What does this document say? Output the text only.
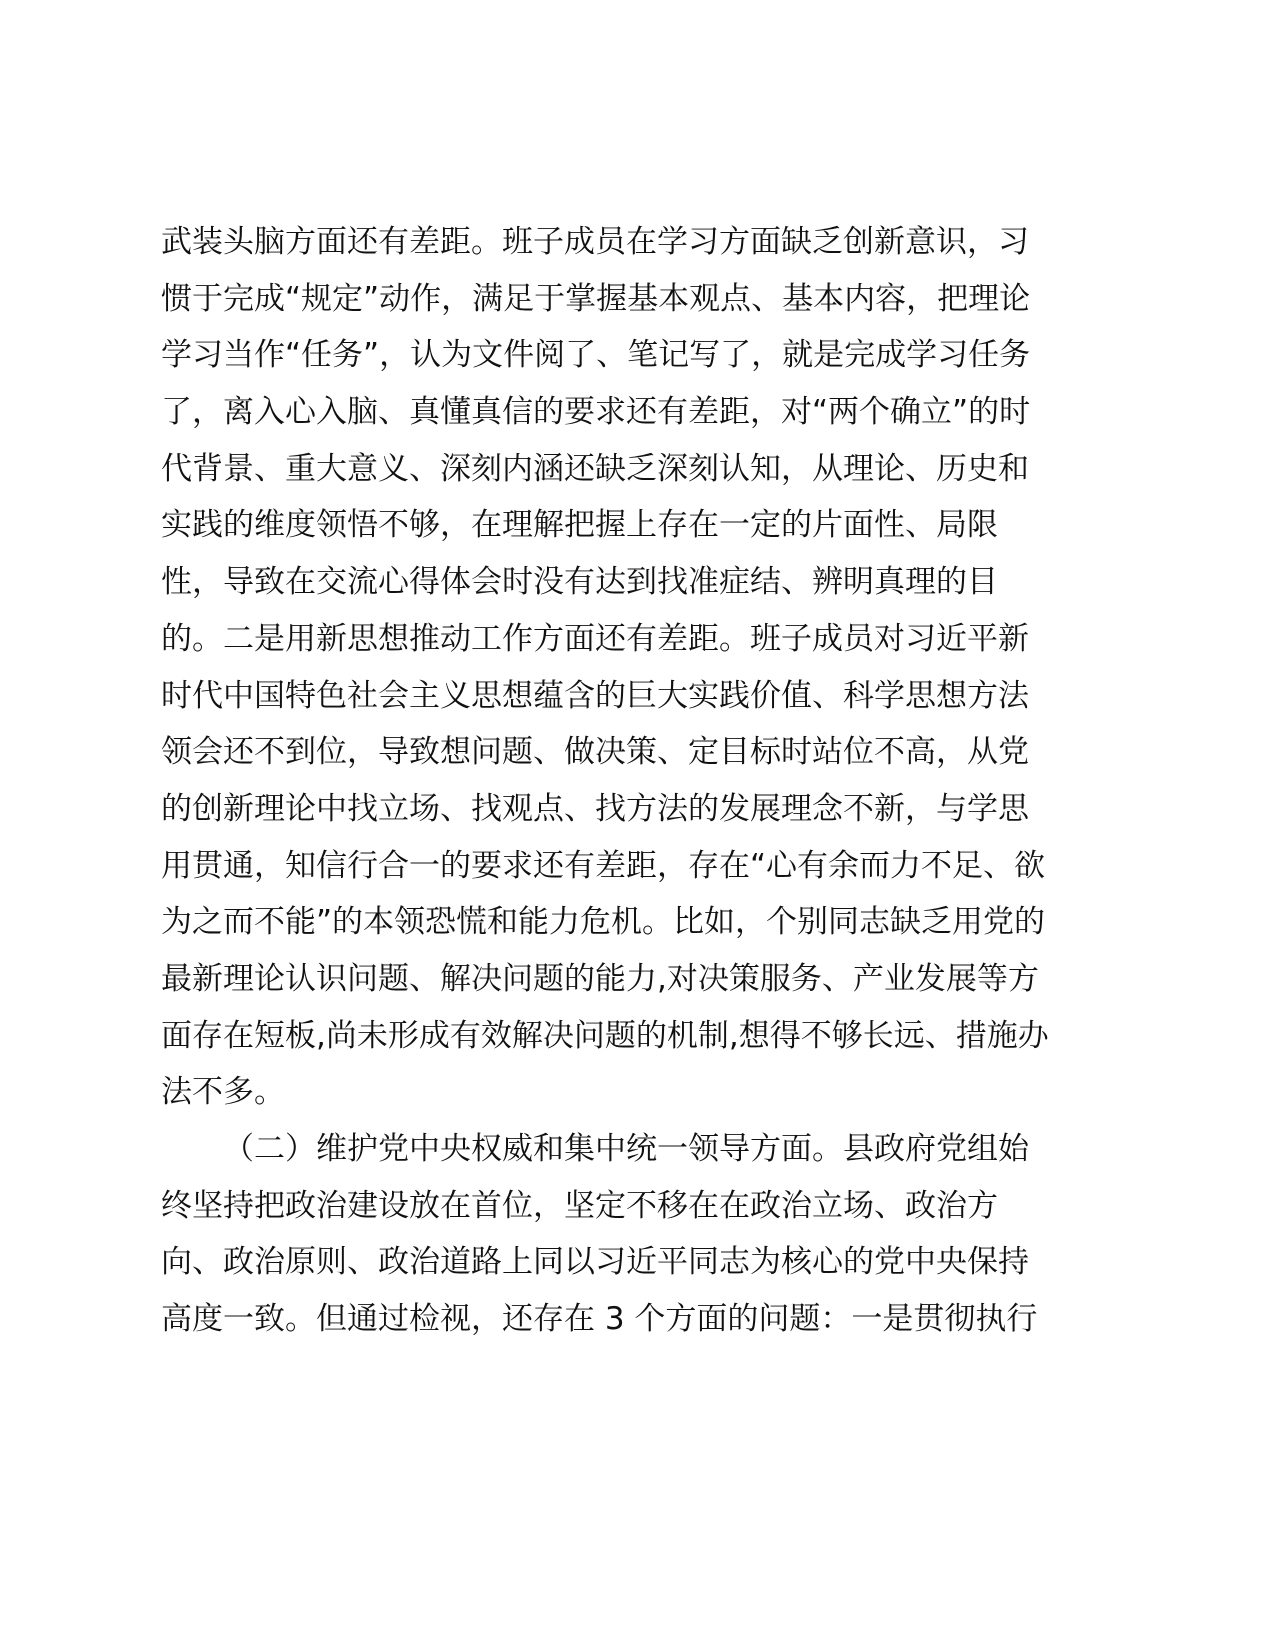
武装头脑方面还有差距。班子成员在学习方面缺乏创新意识，习
惯于完成“规定”动作，满足于掌握基本观点、基本内容，把理论
学习当作“任务”，认为文件阅了、笔记写了，就是完成学习任务
了，离入心入脑、真懂真信的要求还有差距，对“两个确立”的时
代背景、重大意义、深刻内涵还缺乏深刻认知，从理论、历史和
实践的维度领悟不够，在理解把握上存在一定的片面性、局限
性，导致在交流心得体会时没有达到找准症结、辨明真理的目
的。二是用新思想推动工作方面还有差距。班子成员对习近平新
时代中国特色社会主义思想蕴含的巨大实践价值、科学思想方法
领会还不到位，导致想问题、做决策、定目标时站位不高，从党
的创新理论中找立场、找观点、找方法的发展理念不新，与学思
用贯通，知信行合一的要求还有差距，存在“心有余而力不足、欲
为之而不能”的本领恐慌和能力危机。比如，个别同志缺乏用党的
最新理论认识问题、解决问题的能力,对决策服务、产业发展等方
面存在短板,尚未形成有效解决问题的机制,想得不够长远、措施办
法不多。
（二）维护党中央权威和集中统一领导方面。县政府党组始
终坚持把政治建设放在首位，坚定不移在在政治立场、政治方
向、政治原则、政治道路上同以习近平同志为核心的党中央保持
高度一致。但通过检视，还存在 3 个方面的问题：一是贯彻执行
